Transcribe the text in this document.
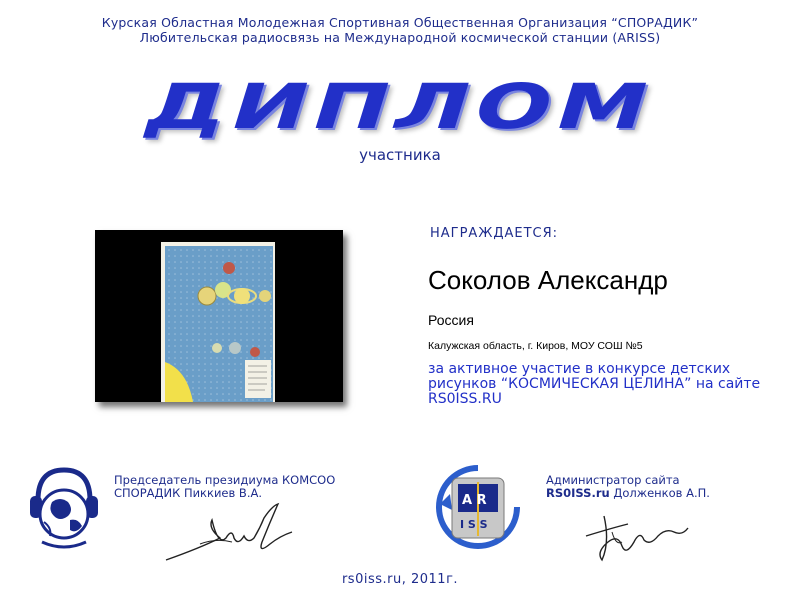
Курская Областная Молодежная Спортивная Общественная Организация “СПОРАДИК”
Любительская радиосвязь на Международной космической станции (ARISS)
ДИПЛОМ
участника
НАГРАЖДАЕТСЯ:
Соколов Александр
Россия
Калужская область, г. Киров, МОУ СОШ №5
за активное участие в конкурсе детских рисунков “КОСМИЧЕСКАЯ ЦЕЛИНА” на сайте RS0ISS.RU
Председатель президиума КОМСОО
СПОРАДИК Пиккиев В.А.	A R
I S S
Администратор сайта
RS0ISS.ru Долженков А.П.
rs0iss.ru, 2011г.
